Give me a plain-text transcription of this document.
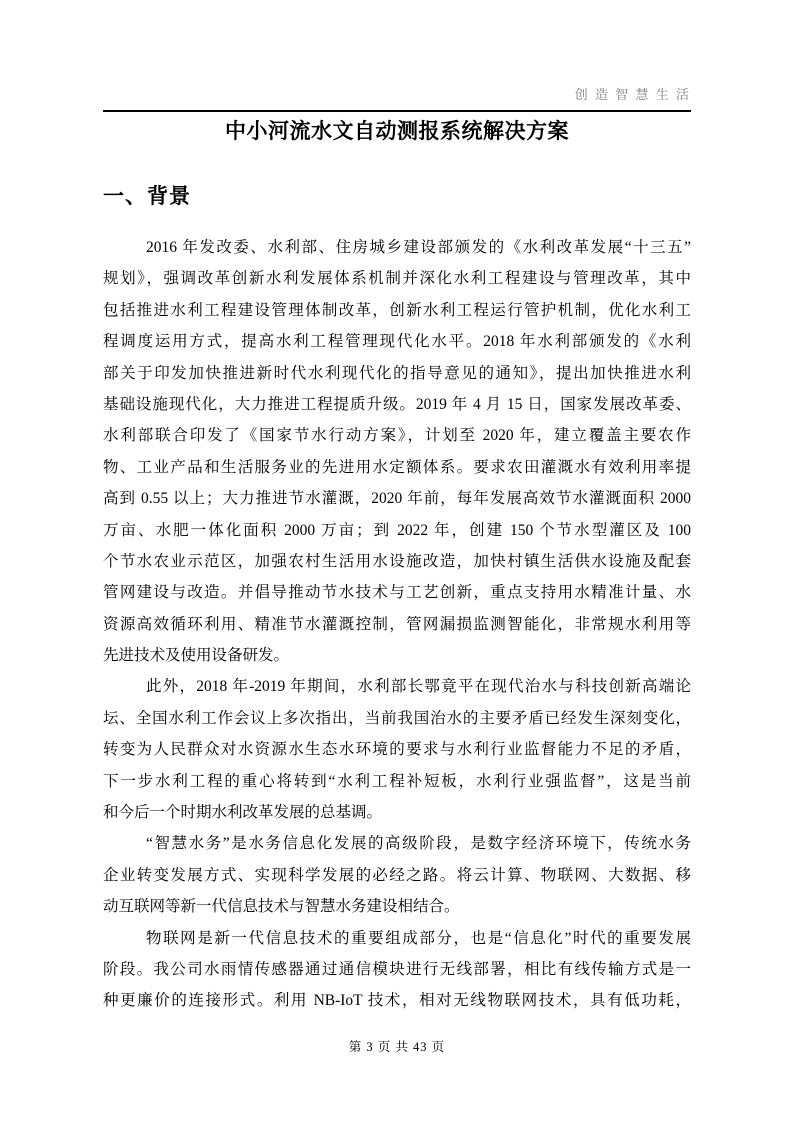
创 造 智 慧 生 活
中小河流水文自动测报系统解决方案
一、背景
2016 年发改委、水利部、住房城乡建设部颁发的《水利改革发展“十三五”
规划》，强调改革创新水利发展体系机制并深化水利工程建设与管理改革，其中
包括推进水利工程建设管理体制改革，创新水利工程运行管护机制，优化水利工
程调度运用方式，提高水利工程管理现代化水平。2018 年水利部颁发的《水利
部关于印发加快推进新时代水利现代化的指导意见的通知》，提出加快推进水利
基础设施现代化，大力推进工程提质升级。2019 年 4 月 15 日，国家发展改革委、
水利部联合印发了《国家节水行动方案》，计划至 2020 年，建立覆盖主要农作
物、工业产品和生活服务业的先进用水定额体系。要求农田灌溉水有效利用率提
高到 0.55 以上；大力推进节水灌溉，2020 年前，每年发展高效节水灌溉面积 2000
万亩、水肥一体化面积 2000 万亩；到 2022 年，创建 150 个节水型灌区及 100
个节水农业示范区，加强农村生活用水设施改造，加快村镇生活供水设施及配套
管网建设与改造。并倡导推动节水技术与工艺创新，重点支持用水精准计量、水
资源高效循环利用、精准节水灌溉控制，管网漏损监测智能化，非常规水利用等
先进技术及使用设备研发。
此外，2018 年-2019 年期间，水利部长鄂竟平在现代治水与科技创新高端论
坛、全国水利工作会议上多次指出，当前我国治水的主要矛盾已经发生深刻变化，
转变为人民群众对水资源水生态水环境的要求与水利行业监督能力不足的矛盾，
下一步水利工程的重心将转到“水利工程补短板，水利行业强监督”，这是当前
和今后一个时期水利改革发展的总基调。
“智慧水务”是水务信息化发展的高级阶段，是数字经济环境下，传统水务
企业转变发展方式、实现科学发展的必经之路。将云计算、物联网、大数据、移
动互联网等新一代信息技术与智慧水务建设相结合。
物联网是新一代信息技术的重要组成部分，也是“信息化”时代的重要发展
阶段。我公司水雨情传感器通过通信模块进行无线部署，相比有线传输方式是一
种更廉价的连接形式。利用 NB-IoT 技术，相对无线物联网技术，具有低功耗，
第 3 页 共 43 页
